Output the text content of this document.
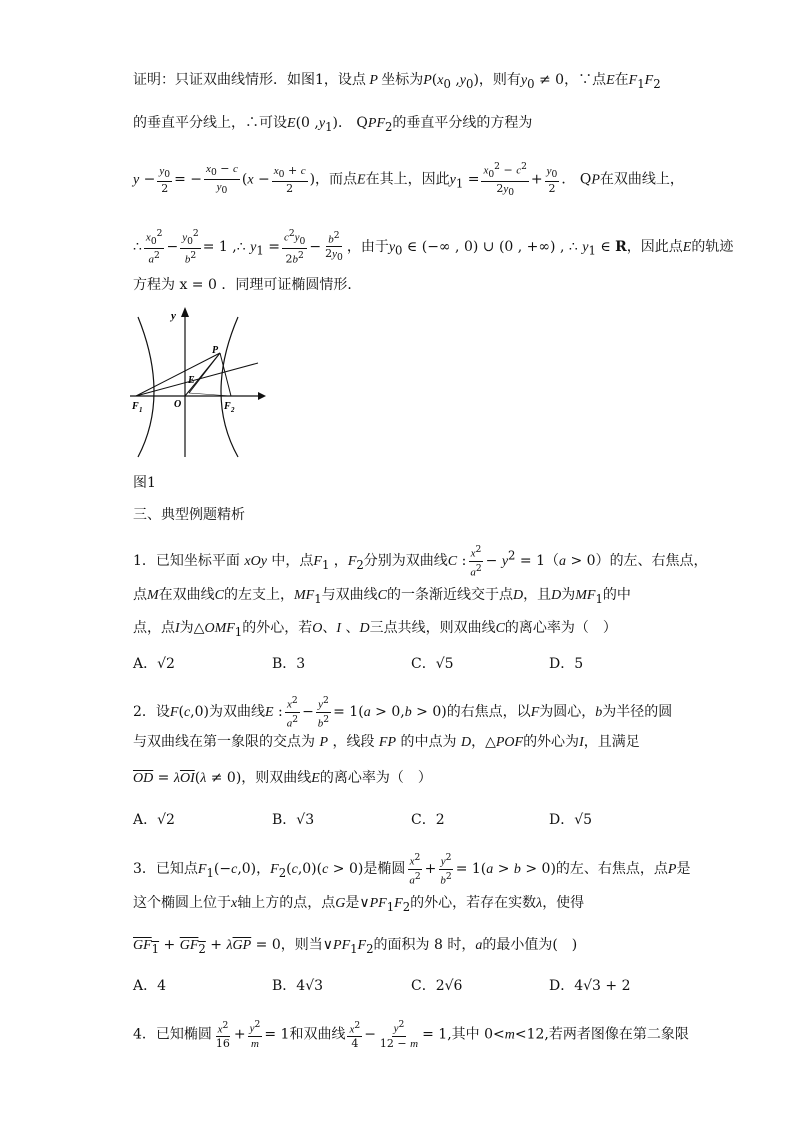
证明：只证双曲线情形．如图1，设点 P 坐标为$P(x_0$ $,y_0$)，则有$y_0 \ne 0$，∵点E在$F_1F_2$
的垂直平分线上，∴可设E(0 $,y_1$)． $QPF_2$的垂直平分线的方程为
$y - \frac{y_0}{2}$ = − $\frac{x_0 - c}{y_0} (x - \frac{x_0 + c}{2}$ )，而点E在其上，因此$y_1 = \frac{x_0^2 - c^2}{2y_0} + \frac{y_0}{2}$ ． QP在双曲线上，
∴ $\frac{x_0^2}{a^2} - \frac{y_0^2}{b^2} = 1$ ,∴ $y_1 = \frac{c^2y_0}{2b^2} - \frac{b^2}{2y_0}$ ，由于$y_0$ ∈ (−∞ , 0) ∪ (0 , +∞) , ∴ $y_1$ ∈ R，因此点E的轨迹
方程为 x = 0 ．同理可证椭圆情形．
y
P
E
O
F 1	F 2
图1
三、典型例题精析
1．已知坐标平面 xOy 中，点$F_1$ ，$F_2$分别为双曲线C : $\frac{x^2}{a^2} - y^2 = 1(a > 0)$的左、右焦点，
点M在双曲线C的左支上，$MF_1$与双曲线C的一条渐近线交于点D，且D为$MF_1$的中
点，点I为$\triangle OMF_1$的外心，若O、I 、D三点共线，则双曲线C的离心率为（　）
A．√2	B．3	C．√5	D．5
2．设F(c,0)为双曲线E : $\frac{x^2}{a^2} - \frac{y^2}{b^2} = 1(a > 0,b > 0)$的右焦点，以F为圆心，b为半径的圆
与双曲线在第一象限的交点为 P ，线段 FP 的中点为 D，△POF的外心为I，且满足
$\overline{OD} = \lambda\overline{OI}(\lambda \ne 0)$，则双曲线E的离心率为（　）
A．√2	B．√3	C．2	D．√5
3．已知点$F_1(-c,0)$，$F_2(c,0)(c > 0)$是椭圆 $\frac{x^2}{a^2} + \frac{y^2}{b^2} = 1(a > b > 0)$的左、右焦点，点P是
这个椭圆上位于x轴上方的点，点G是$\vee PF_1F_2$的外心，若存在实数λ，使得
$GF_1 + GF_2 + \lambda\overline{GP} = 0$，则当$\vee PF_1F_2$的面积为 8 时，a的最小值为(　)
A．4	B．4√3	C．2√6	D．4√3 + 2
4．已知椭圆 $\frac{x^2}{16} + \frac{y^2}{m} = 1$和双曲线 $\frac{x^2}{4} - \frac{y^2}{12 - m} = 1$,其中 0<m<12,若两者图像在第二象限
